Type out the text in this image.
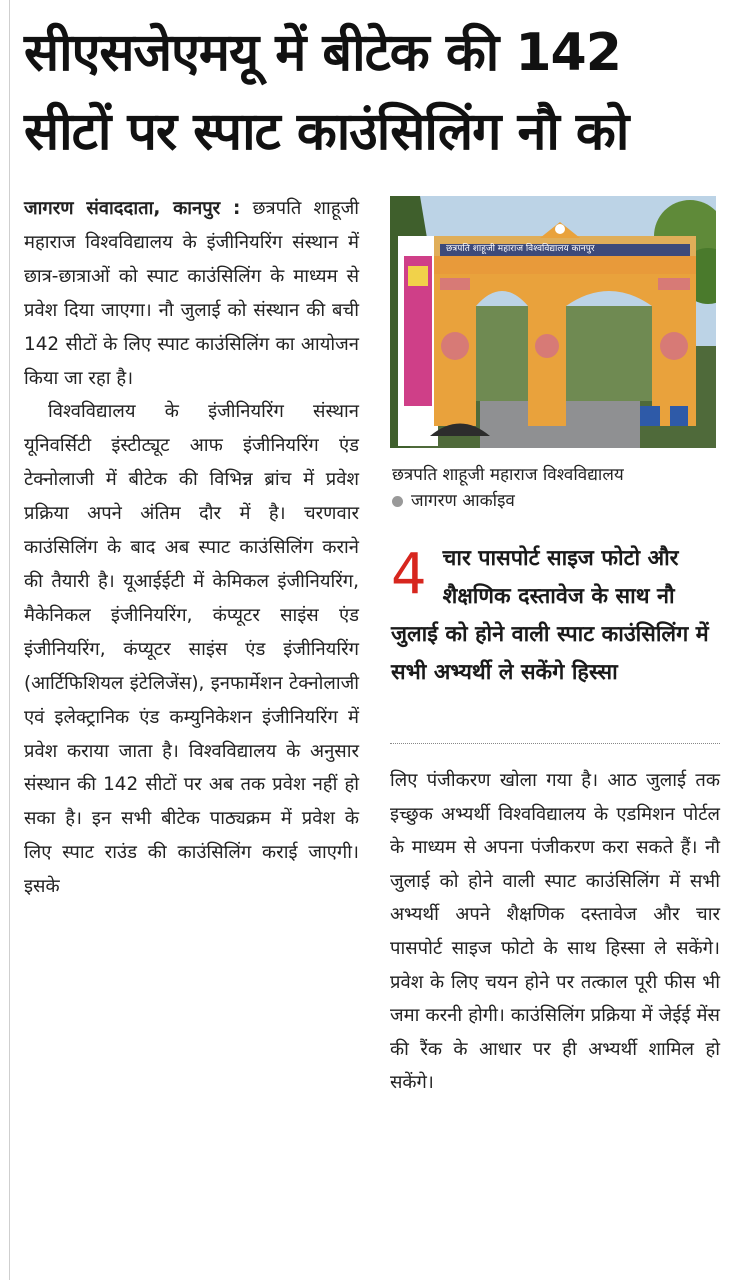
सीएसजेएमयू में बीटेक की 142 सीटों पर स्पाट काउंसिलिंग नौ को

जागरण संवाददाता, कानपुर : छत्रपति शाहूजी महाराज विश्वविद्यालय के इंजीनियरिंग संस्थान में छात्र-छात्राओं को स्पाट काउंसिलिंग के माध्यम से प्रवेश दिया जाएगा। नौ जुलाई को संस्थान की बची 142 सीटों के लिए स्पाट काउंसिलिंग का आयोजन किया जा रहा है।

विश्वविद्यालय के इंजीनियरिंग संस्थान यूनिवर्सिटी इंस्टीट्यूट आफ इंजीनियरिंग एंड टेक्नोलाजी में बीटेक की विभिन्न ब्रांच में प्रवेश प्रक्रिया अपने अंतिम दौर में है। चरणवार काउंसिलिंग के बाद अब स्पाट काउंसिलिंग कराने की तैयारी है। यूआईईटी में केमिकल इंजीनियरिंग, मैकेनिकल इंजीनियरिंग, कंप्यूटर साइंस एंड इंजीनियरिंग, कंप्यूटर साइंस एंड इंजीनियरिंग (आर्टिफिशियल इंटेलिजेंस), इनफार्मेशन टेक्नोलाजी एवं इलेक्ट्रानिक एंड कम्युनिकेशन इंजीनियरिंग में प्रवेश कराया जाता है। विश्वविद्यालय के अनुसार संस्थान की 142 सीटों पर अब तक प्रवेश नहीं हो सका है। इन सभी बीटेक पाठ्यक्रम में प्रवेश के लिए स्पाट राउंड की काउंसिलिंग कराई जाएगी। इसके

छत्रपति शाहूजी महाराज विश्वविद्यालय कानपुर
छत्रपति शाहूजी महाराज विश्वविद्यालय
जागरण आर्काइव
4 चार पासपोर्ट साइज फोटो और शैक्षणिक दस्तावेज के साथ नौ जुलाई को होने वाली स्पाट काउंसिलिंग में सभी अभ्यर्थी ले सकेंगे हिस्सा

लिए पंजीकरण खोला गया है। आठ जुलाई तक इच्छुक अभ्यर्थी विश्वविद्यालय के एडमिशन पोर्टल के माध्यम से अपना पंजीकरण करा सकते हैं। नौ जुलाई को होने वाली स्पाट काउंसिलिंग में सभी अभ्यर्थी अपने शैक्षणिक दस्तावेज और चार पासपोर्ट साइज फोटो के साथ हिस्सा ले सकेंगे। प्रवेश के लिए चयन होने पर तत्काल पूरी फीस भी जमा करनी होगी। काउंसिलिंग प्रक्रिया में जेईई मेंस की रैंक के आधार पर ही अभ्यर्थी शामिल हो सकेंगे।
